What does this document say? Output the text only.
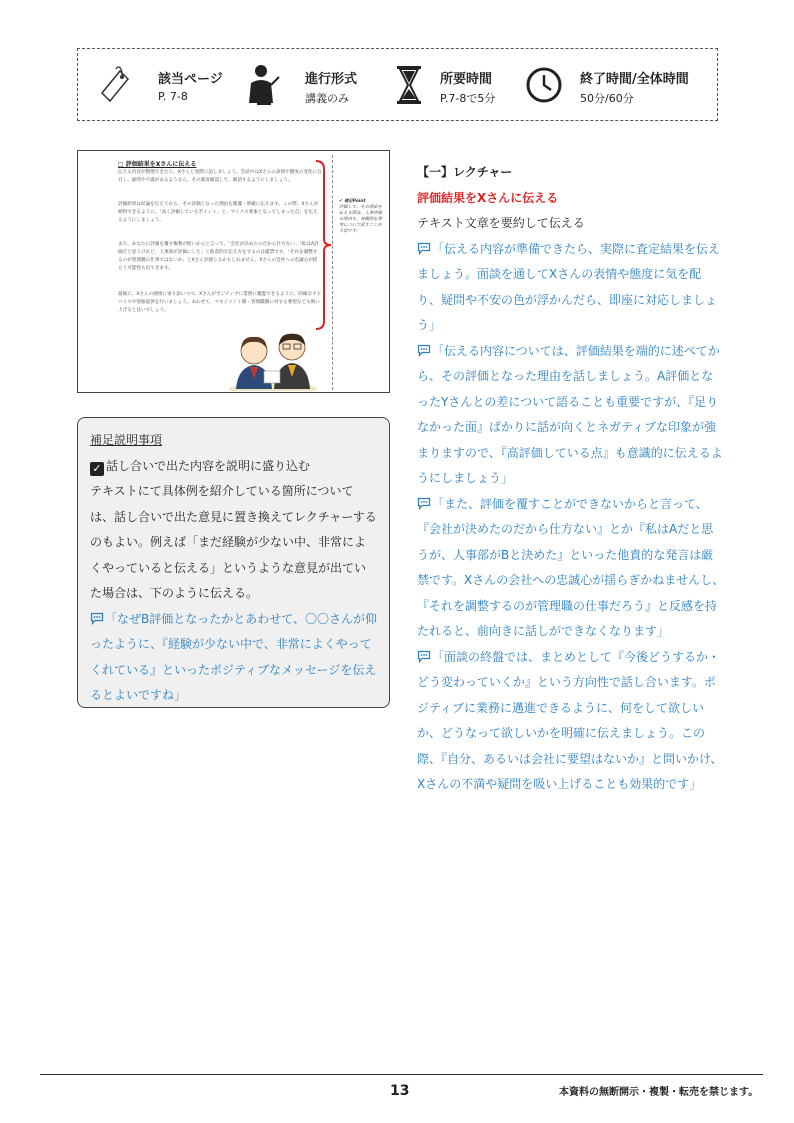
該当ページ
P. 7-8
進行形式
講義のみ
所要時間
P.7-8で5分
終了時間/全体時間
50分/60分
□ 評価結果をXさんに伝える
伝える内容が整理できたら、Xさんと実際に話しましょう。会話中はXさんの表情や態度の変化に注目し、疑問や不満があるようなら、その都度確認して、解消するようにしましょう。
評価結果は結論を伝えてから、その評価となった理由を簡潔・明確に伝えます。この際、Xさんが納得できるように、「高く評価しているポイント」と、マイナス要素となってしまった点」を伝えるようにしましょう。
また、あなたに評価を覆す権利が無いからと言って、「会社が決めたのだから仕方ない」「私はA評価だと思うけれど、人事部が評価にした」と他責的な伝え方をするのは厳禁です。「それを調整するのが管理職の仕事ではないか」とXさんが感じるかもしれません。Xさんの会社への忠誠心が揺らぐ可能性も出てきます。
最後に、Xさんの感情に寄り添いつつ、Xさんがポジティブに業務に邁進できるように、的確なアドバイスや情報提供を行いましょう。あわせて、マネジメント側・管理職側に対する要望なども吸い上げると良いでしょう。
✔ 補足Point
評価して、その理由を伝える際は、人事評価の理由も、客観的な事実について話すことが大切です。
補足説明事項
✓ 話し合いで出た内容を説明に盛り込む
テキストにて具体例を紹介している箇所については、話し合いで出た意見に置き換えてレクチャーするのもよい。例えば「まだ経験が少ない中、非常によくやっていると伝える」というような意見が出ていた場合は、下のように伝える。
「なぜB評価となったかとあわせて、〇〇さんが仰ったように、『経験が少ない中で、非常によくやってくれている』といったポジティブなメッセージを伝えるとよいですね」
【一】レクチャー
評価結果をXさんに伝える
テキスト文章を要約して伝える
「伝える内容が準備できたら、実際に査定結果を伝えましょう。面談を通してXさんの表情や態度に気を配り、疑問や不安の色が浮かんだら、即座に対応しましょう」
「伝える内容については、評価結果を端的に述べてから、その評価となった理由を話しましょう。A評価となったYさんとの差について語ることも重要ですが、『足りなかった面』ばかりに話が向くとネガティブな印象が強まりますので、『高評価している点』も意識的に伝えるようにしましょう」
「また、評価を覆すことができないからと言って、『会社が決めたのだから仕方ない』とか『私はAだと思うが、人事部がBと決めた』といった他責的な発言は厳禁です。Xさんの会社への忠誠心が揺らぎかねませんし、『それを調整するのが管理職の仕事だろう』と反感を持たれると、前向きに話しができなくなります」
「面談の終盤では、まとめとして『今後どうするか・どう変わっていくか』という方向性で話し合います。ポジティブに業務に邁進できるように、何をして欲しいか、どうなって欲しいかを明確に伝えましょう。この際、『自分、あるいは会社に要望はないか』と問いかけ、Xさんの不満や疑問を吸い上げることも効果的です」
13	本資料の無断開示・複製・転売を禁じます。
